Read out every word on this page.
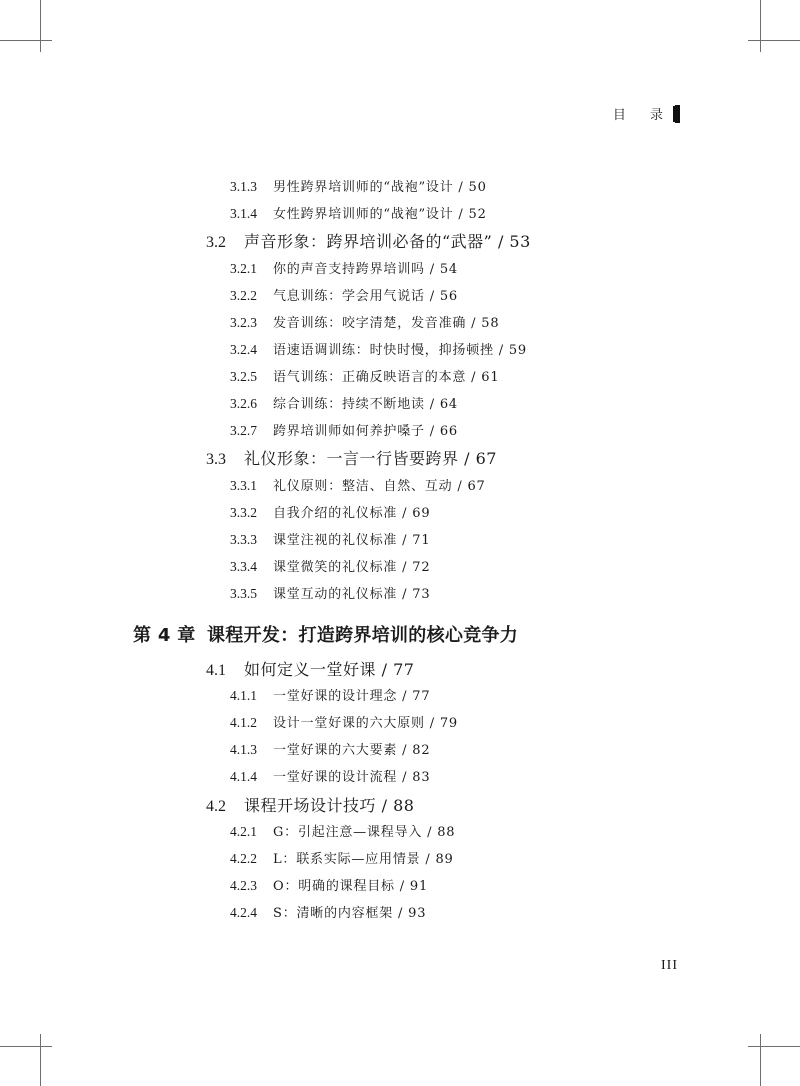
目 录
3.1.3	男性跨界培训师的“战袍”设计 / 50
3.1.4	女性跨界培训师的“战袍”设计 / 52
3.2	声音形象：跨界培训必备的“武器” / 53
3.2.1	你的声音支持跨界培训吗 / 54
3.2.2	气息训练：学会用气说话 / 56
3.2.3	发音训练：咬字清楚，发音准确 / 58
3.2.4	语速语调训练：时快时慢，抑扬顿挫 / 59
3.2.5	语气训练：正确反映语言的本意 / 61
3.2.6	综合训练：持续不断地读 / 64
3.2.7	跨界培训师如何养护嗓子 / 66
3.3	礼仪形象：一言一行皆要跨界 / 67
3.3.1	礼仪原则：整洁、自然、互动 / 67
3.3.2	自我介绍的礼仪标准 / 69
3.3.3	课堂注视的礼仪标准 / 71
3.3.4	课堂微笑的礼仪标准 / 72
3.3.5	课堂互动的礼仪标准 / 73
第 4 章 课程开发：打造跨界培训的核心竞争力
4.1	如何定义一堂好课 / 77
4.1.1	一堂好课的设计理念 / 77
4.1.2	设计一堂好课的六大原则 / 79
4.1.3	一堂好课的六大要素 / 82
4.1.4	一堂好课的设计流程 / 83
4.2	课程开场设计技巧 / 88
4.2.1	G：引起注意—课程导入 / 88
4.2.2	L：联系实际—应用情景 / 89
4.2.3	O：明确的课程目标 / 91
4.2.4	S：清晰的内容框架 / 93
III
